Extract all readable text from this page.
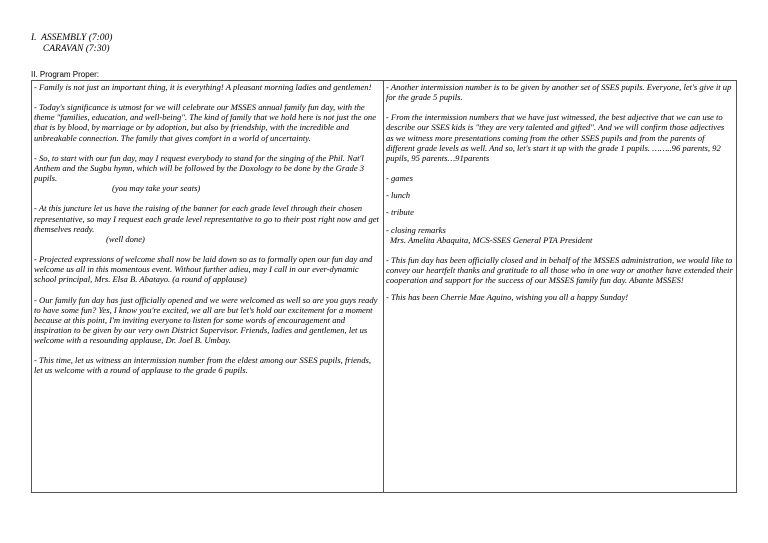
I.  ASSEMBLY (7:00)
CARAVAN (7:30)
II. Program Proper:

- Family is not just an important thing, it is everything! A pleasant morning ladies and gentlemen!

- Today's significance is utmost for we will celebrate our MSSES annual family fun day, with the theme "families, education, and well-being". The kind of family that we hold here is not just the one that is by blood, by marriage or by adoption, but also by friendship, with the incredible and unbreakable connection. The family that gives comfort in a world of uncertainty.

- So, to start with our fun day, may I request everybody to stand for the singing of the Phil. Nat'l Anthem and the Sugbu hymn, which will be followed by the Doxology to be done by the Grade 3 pupils.
(you may take your seats)

- At this juncture let us have the raising of the banner for each grade level through their chosen representative, so may I request each grade level representative to go to their post right now and get themselves ready.
(well done)

- Projected expressions of welcome shall now be laid down so as to formally open our fun day and welcome us all in this momentous event. Without further adieu, may I call in our ever-dynamic school principal, Mrs. Elsa B. Abatayo. (a round of applause)

- Our family fun day has just officially opened and we were welcomed as well so are you guys ready to have some fun? Yes, I know you're excited, we all are but let's hold our excitement for a moment because at this point, I'm inviting everyone to listen for some words of encouragement and inspiration to be given by our very own District Supervisor. Friends, ladies and gentlemen, let us welcome with a resounding applause, Dr. Joel B. Umbay.

- This time, let us witness an intermission number from the eldest among our SSES pupils, friends, let us welcome with a round of applause to the grade 6 pupils.

- Another intermission number is to be given by another set of SSES pupils. Everyone, let's give it up for the grade 5 pupils.

- From the intermission numbers that we have just witnessed, the best adjective that we can use to describe our SSES kids is "they are very talented and gifted". And we will confirm those adjectives as we witness more presentations coming from the other SSES pupils and from the parents of different grade levels as well. And so, let's start it up with the grade 1 pupils. ……..96 parents, 92 pupils, 95 parents…91parents

- games

- lunch

- tribute

- closing remarks
Mrs. Amelita Abaquita, MCS-SSES General PTA President

- This fun day has been officially closed and in behalf of the MSSES administration, we would like to convey our heartfelt thanks and gratitude to all those who in one way or another have extended their cooperation and support for the success of our MSSES family fun day. Abante MSSES!

- This has been Cherrie Mae Aquino, wishing you all a happy Sunday!
